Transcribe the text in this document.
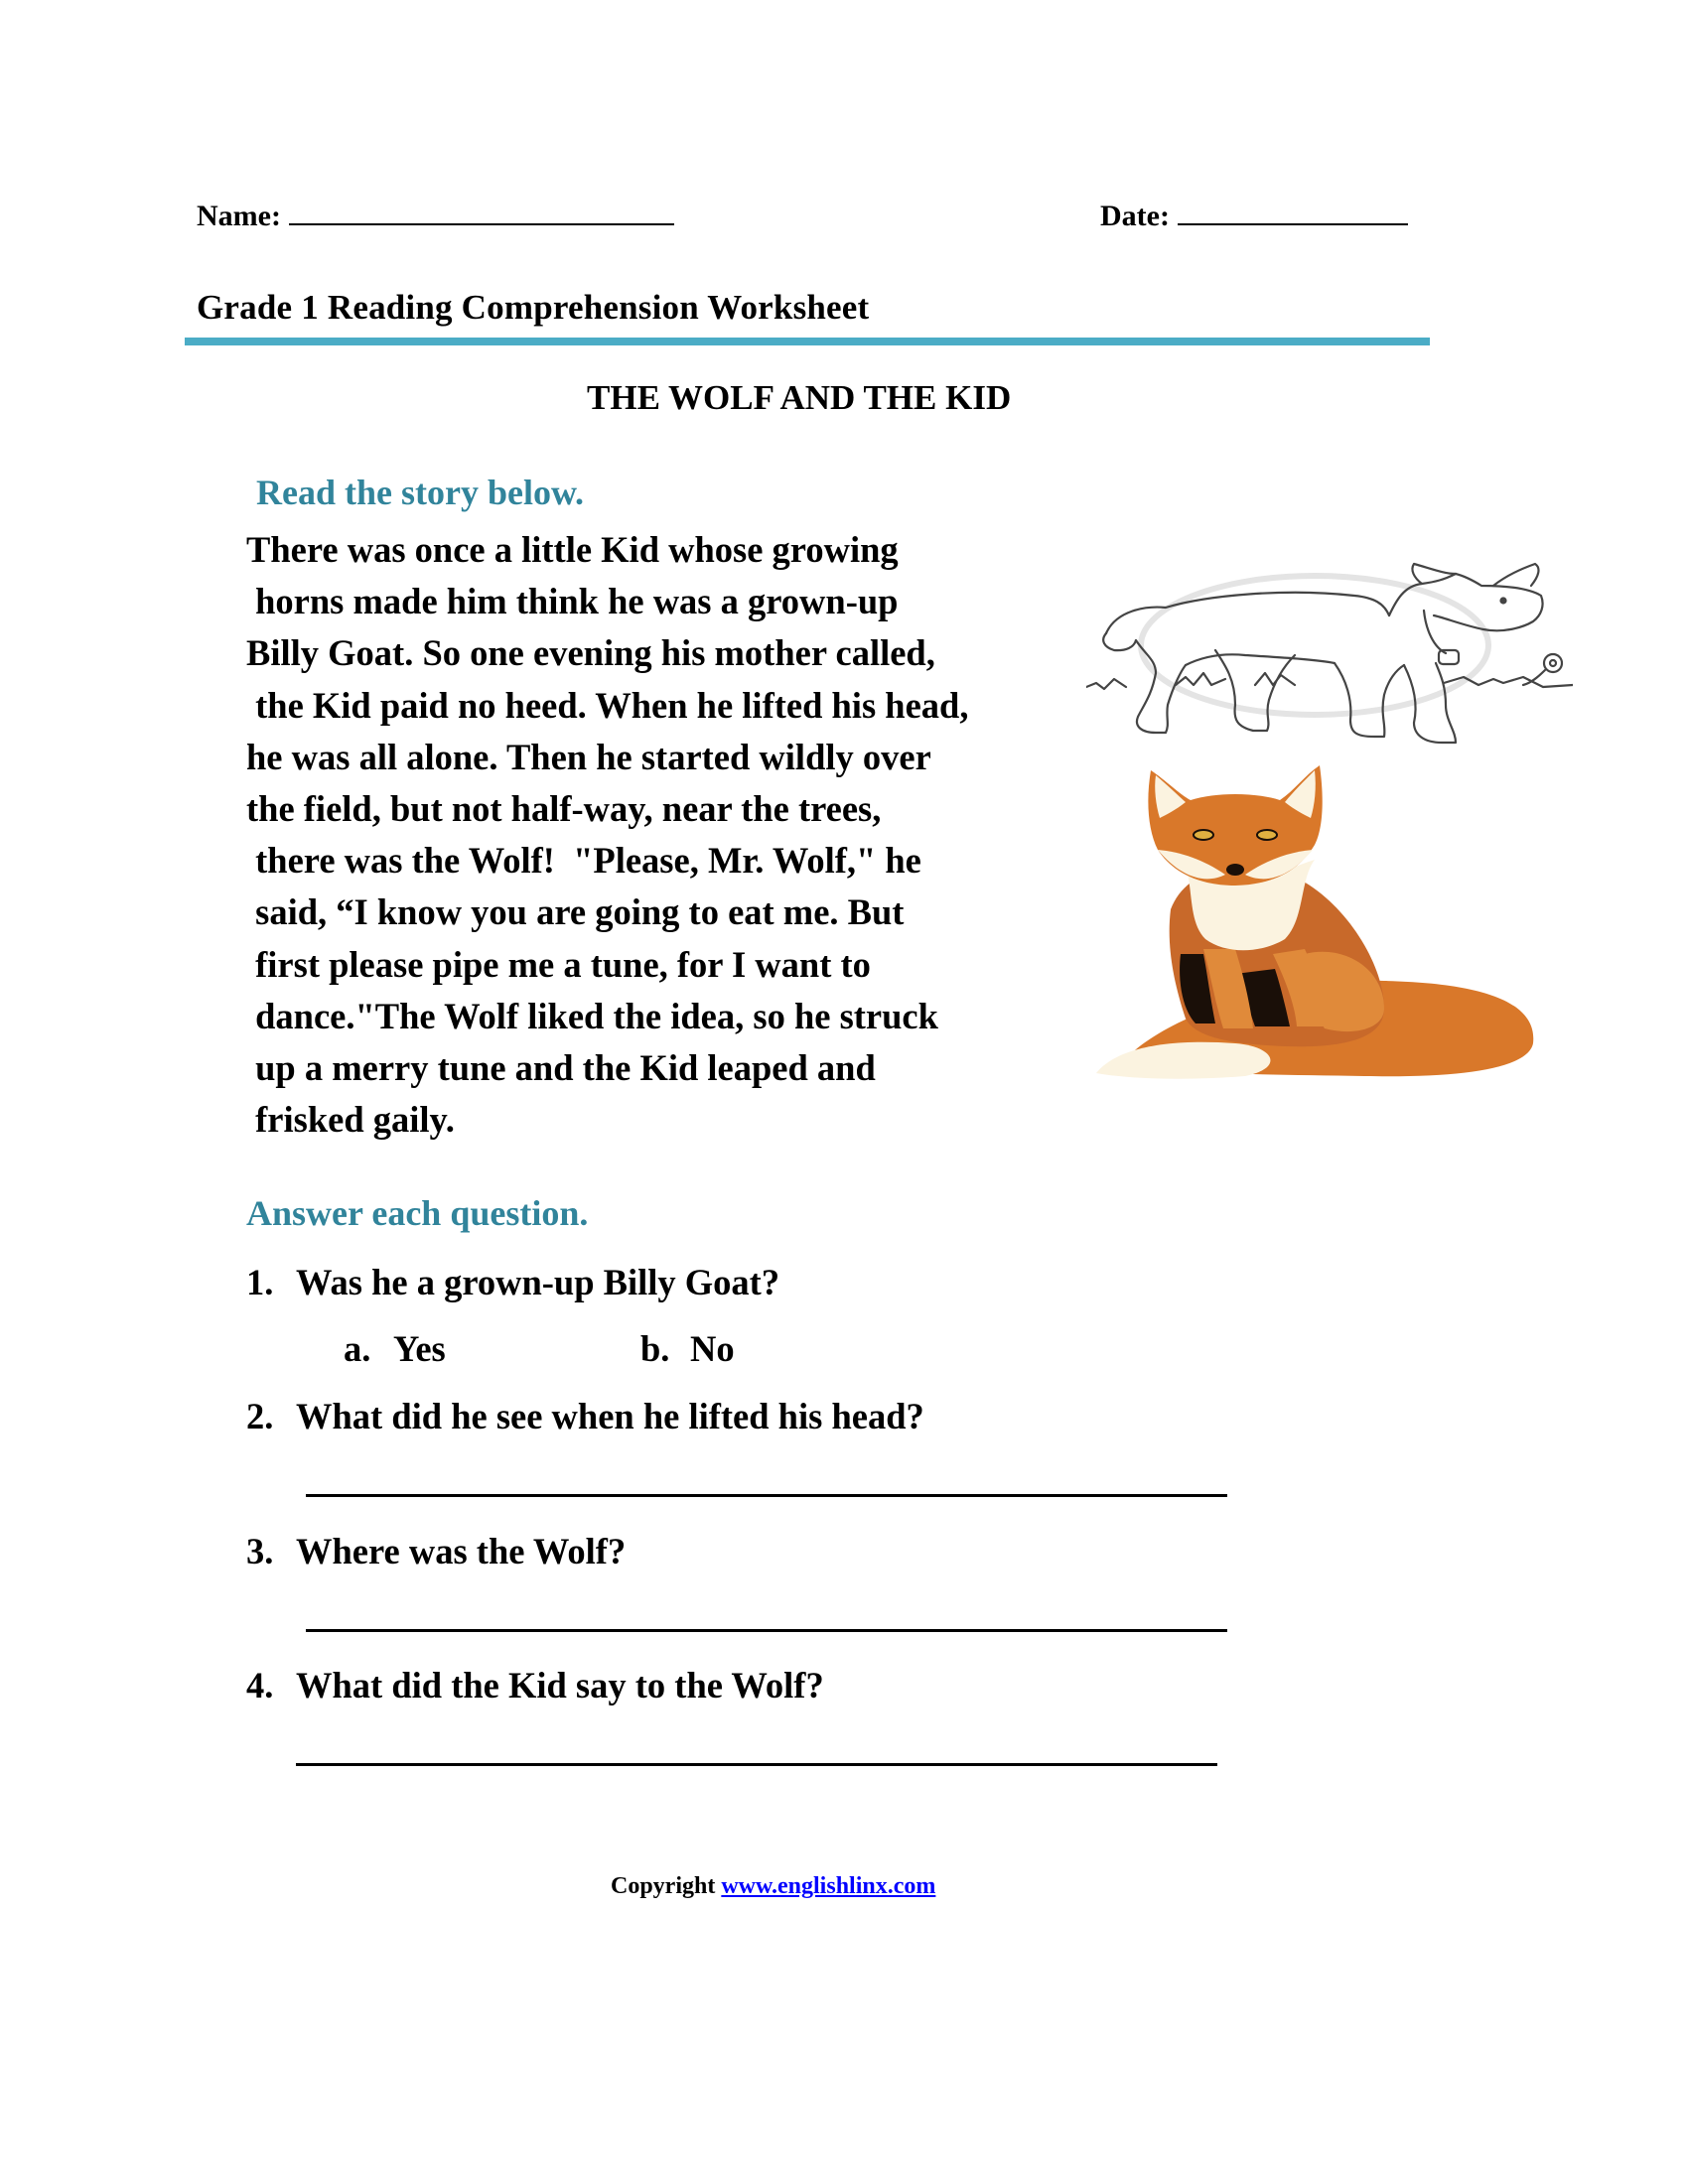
Name:	Date:
Grade 1 Reading Comprehension Worksheet
THE WOLF AND THE KID
Read the story below.
There was once a little Kid whose growing
horns made him think he was a grown-up
Billy Goat. So one evening his mother called,
the Kid paid no heed. When he lifted his head,
he was all alone. Then he started wildly over
the field, but not half-way, near the trees,
there was the Wolf!  "Please, Mr. Wolf," he
said, “I know you are going to eat me. But
first please pipe me a tune, for I want to
dance."The Wolf liked the idea, so he struck
up a merry tune and the Kid leaped and
frisked gaily.
Answer each question.
1. Was he a grown-up Billy Goat?
a. Yes	b. No
2. What did he see when he lifted his head?
3. Where was the Wolf?
4. What did the Kid say to the Wolf?
Copyright www.englishlinx.com
